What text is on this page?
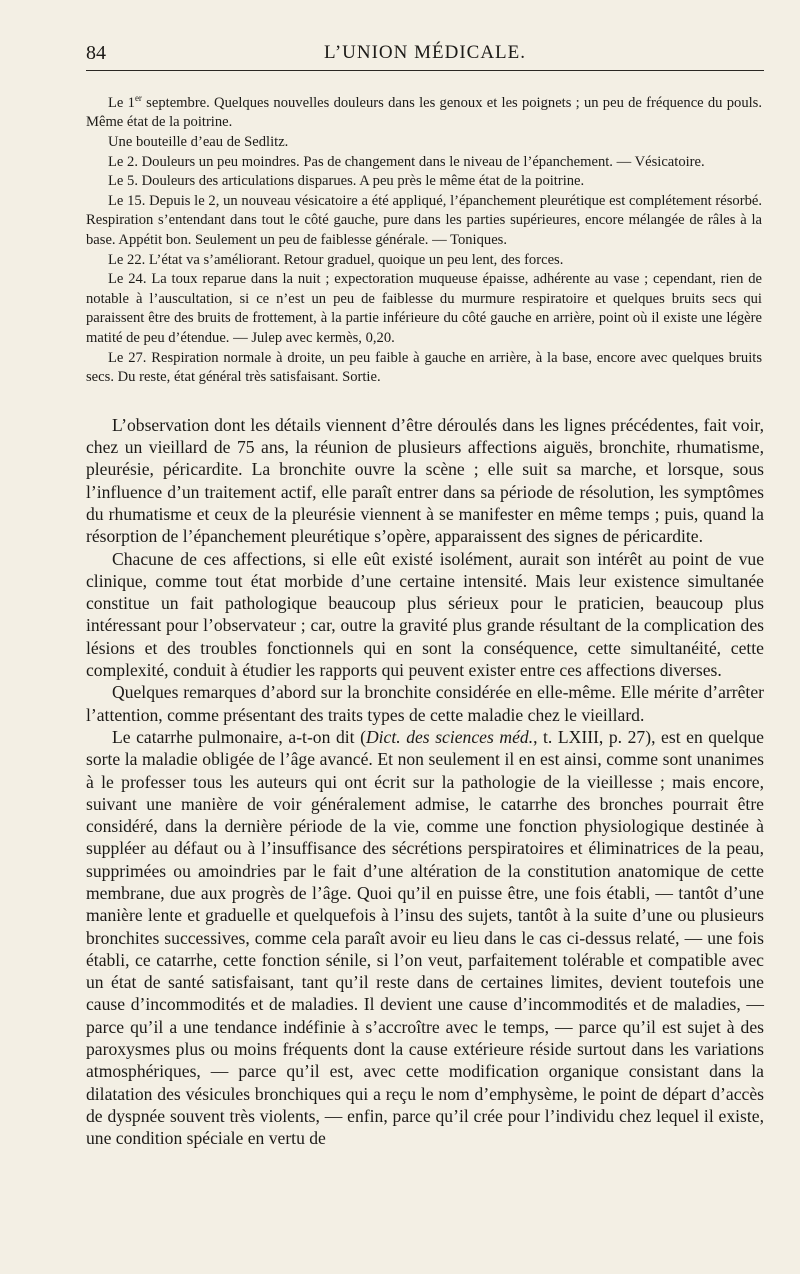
84	L’UNION MÉDICALE.

Le 1er septembre. Quelques nouvelles douleurs dans les genoux et les poignets ; un peu de fréquence du pouls. Même état de la poitrine.

Une bouteille d’eau de Sedlitz.

Le 2. Douleurs un peu moindres. Pas de changement dans le niveau de l’épanchement. — Vésicatoire.

Le 5. Douleurs des articulations disparues. A peu près le même état de la poitrine.

Le 15. Depuis le 2, un nouveau vésicatoire a été appliqué, l’épanchement pleurétique est complétement résorbé. Respiration s’entendant dans tout le côté gauche, pure dans les parties supérieures, encore mélangée de râles à la base. Appétit bon. Seulement un peu de faiblesse générale. — Toniques.

Le 22. L’état va s’améliorant. Retour graduel, quoique un peu lent, des forces.

Le 24. La toux reparue dans la nuit ; expectoration muqueuse épaisse, adhérente au vase ; cependant, rien de notable à l’auscultation, si ce n’est un peu de faiblesse du murmure respiratoire et quelques bruits secs qui paraissent être des bruits de frottement, à la partie inférieure du côté gauche en arrière, point où il existe une légère matité de peu d’étendue. — Julep avec kermès, 0,20.

Le 27. Respiration normale à droite, un peu faible à gauche en arrière, à la base, encore avec quelques bruits secs. Du reste, état général très satisfaisant. Sortie.

L’observation dont les détails viennent d’être déroulés dans les lignes précédentes, fait voir, chez un vieillard de 75 ans, la réunion de plusieurs affections aiguës, bronchite, rhumatisme, pleurésie, péricardite. La bronchite ouvre la scène ; elle suit sa marche, et lorsque, sous l’influence d’un traitement actif, elle paraît entrer dans sa période de résolution, les symptômes du rhumatisme et ceux de la pleurésie viennent à se manifester en même temps ; puis, quand la résorption de l’épanchement pleurétique s’opère, apparaissent des signes de péricardite.

Chacune de ces affections, si elle eût existé isolément, aurait son intérêt au point de vue clinique, comme tout état morbide d’une certaine intensité. Mais leur existence simultanée constitue un fait pathologique beaucoup plus sérieux pour le praticien, beaucoup plus intéressant pour l’observateur ; car, outre la gravité plus grande résultant de la complication des lésions et des troubles fonctionnels qui en sont la conséquence, cette simultanéité, cette complexité, conduit à étudier les rapports qui peuvent exister entre ces affections diverses.

Quelques remarques d’abord sur la bronchite considérée en elle-même. Elle mérite d’arrêter l’attention, comme présentant des traits types de cette maladie chez le vieillard.

Le catarrhe pulmonaire, a-t-on dit (Dict. des sciences méd., t. LXIII, p. 27), est en quelque sorte la maladie obligée de l’âge avancé. Et non seulement il en est ainsi, comme sont unanimes à le professer tous les auteurs qui ont écrit sur la pathologie de la vieillesse ; mais encore, suivant une manière de voir généralement admise, le catarrhe des bronches pourrait être considéré, dans la dernière période de la vie, comme une fonction physiologique destinée à suppléer au défaut ou à l’insuffisance des sécrétions perspiratoires et éliminatrices de la peau, supprimées ou amoindries par le fait d’une altération de la constitution anatomique de cette membrane, due aux progrès de l’âge. Quoi qu’il en puisse être, une fois établi, — tantôt d’une manière lente et graduelle et quelquefois à l’insu des sujets, tantôt à la suite d’une ou plusieurs bronchites successives, comme cela paraît avoir eu lieu dans le cas ci-dessus relaté, — une fois établi, ce catarrhe, cette fonction sénile, si l’on veut, parfaitement tolérable et compatible avec un état de santé satisfaisant, tant qu’il reste dans de certaines limites, devient toutefois une cause d’incommodités et de maladies. Il devient une cause d’incommodités et de maladies, — parce qu’il a une tendance indéfinie à s’accroître avec le temps, — parce qu’il est sujet à des paroxysmes plus ou moins fréquents dont la cause extérieure réside surtout dans les variations atmosphériques, — parce qu’il est, avec cette modification organique consistant dans la dilatation des vésicules bronchiques qui a reçu le nom d’emphysème, le point de départ d’accès de dyspnée souvent très violents, — enfin, parce qu’il crée pour l’individu chez lequel il existe, une condition spéciale en vertu de
